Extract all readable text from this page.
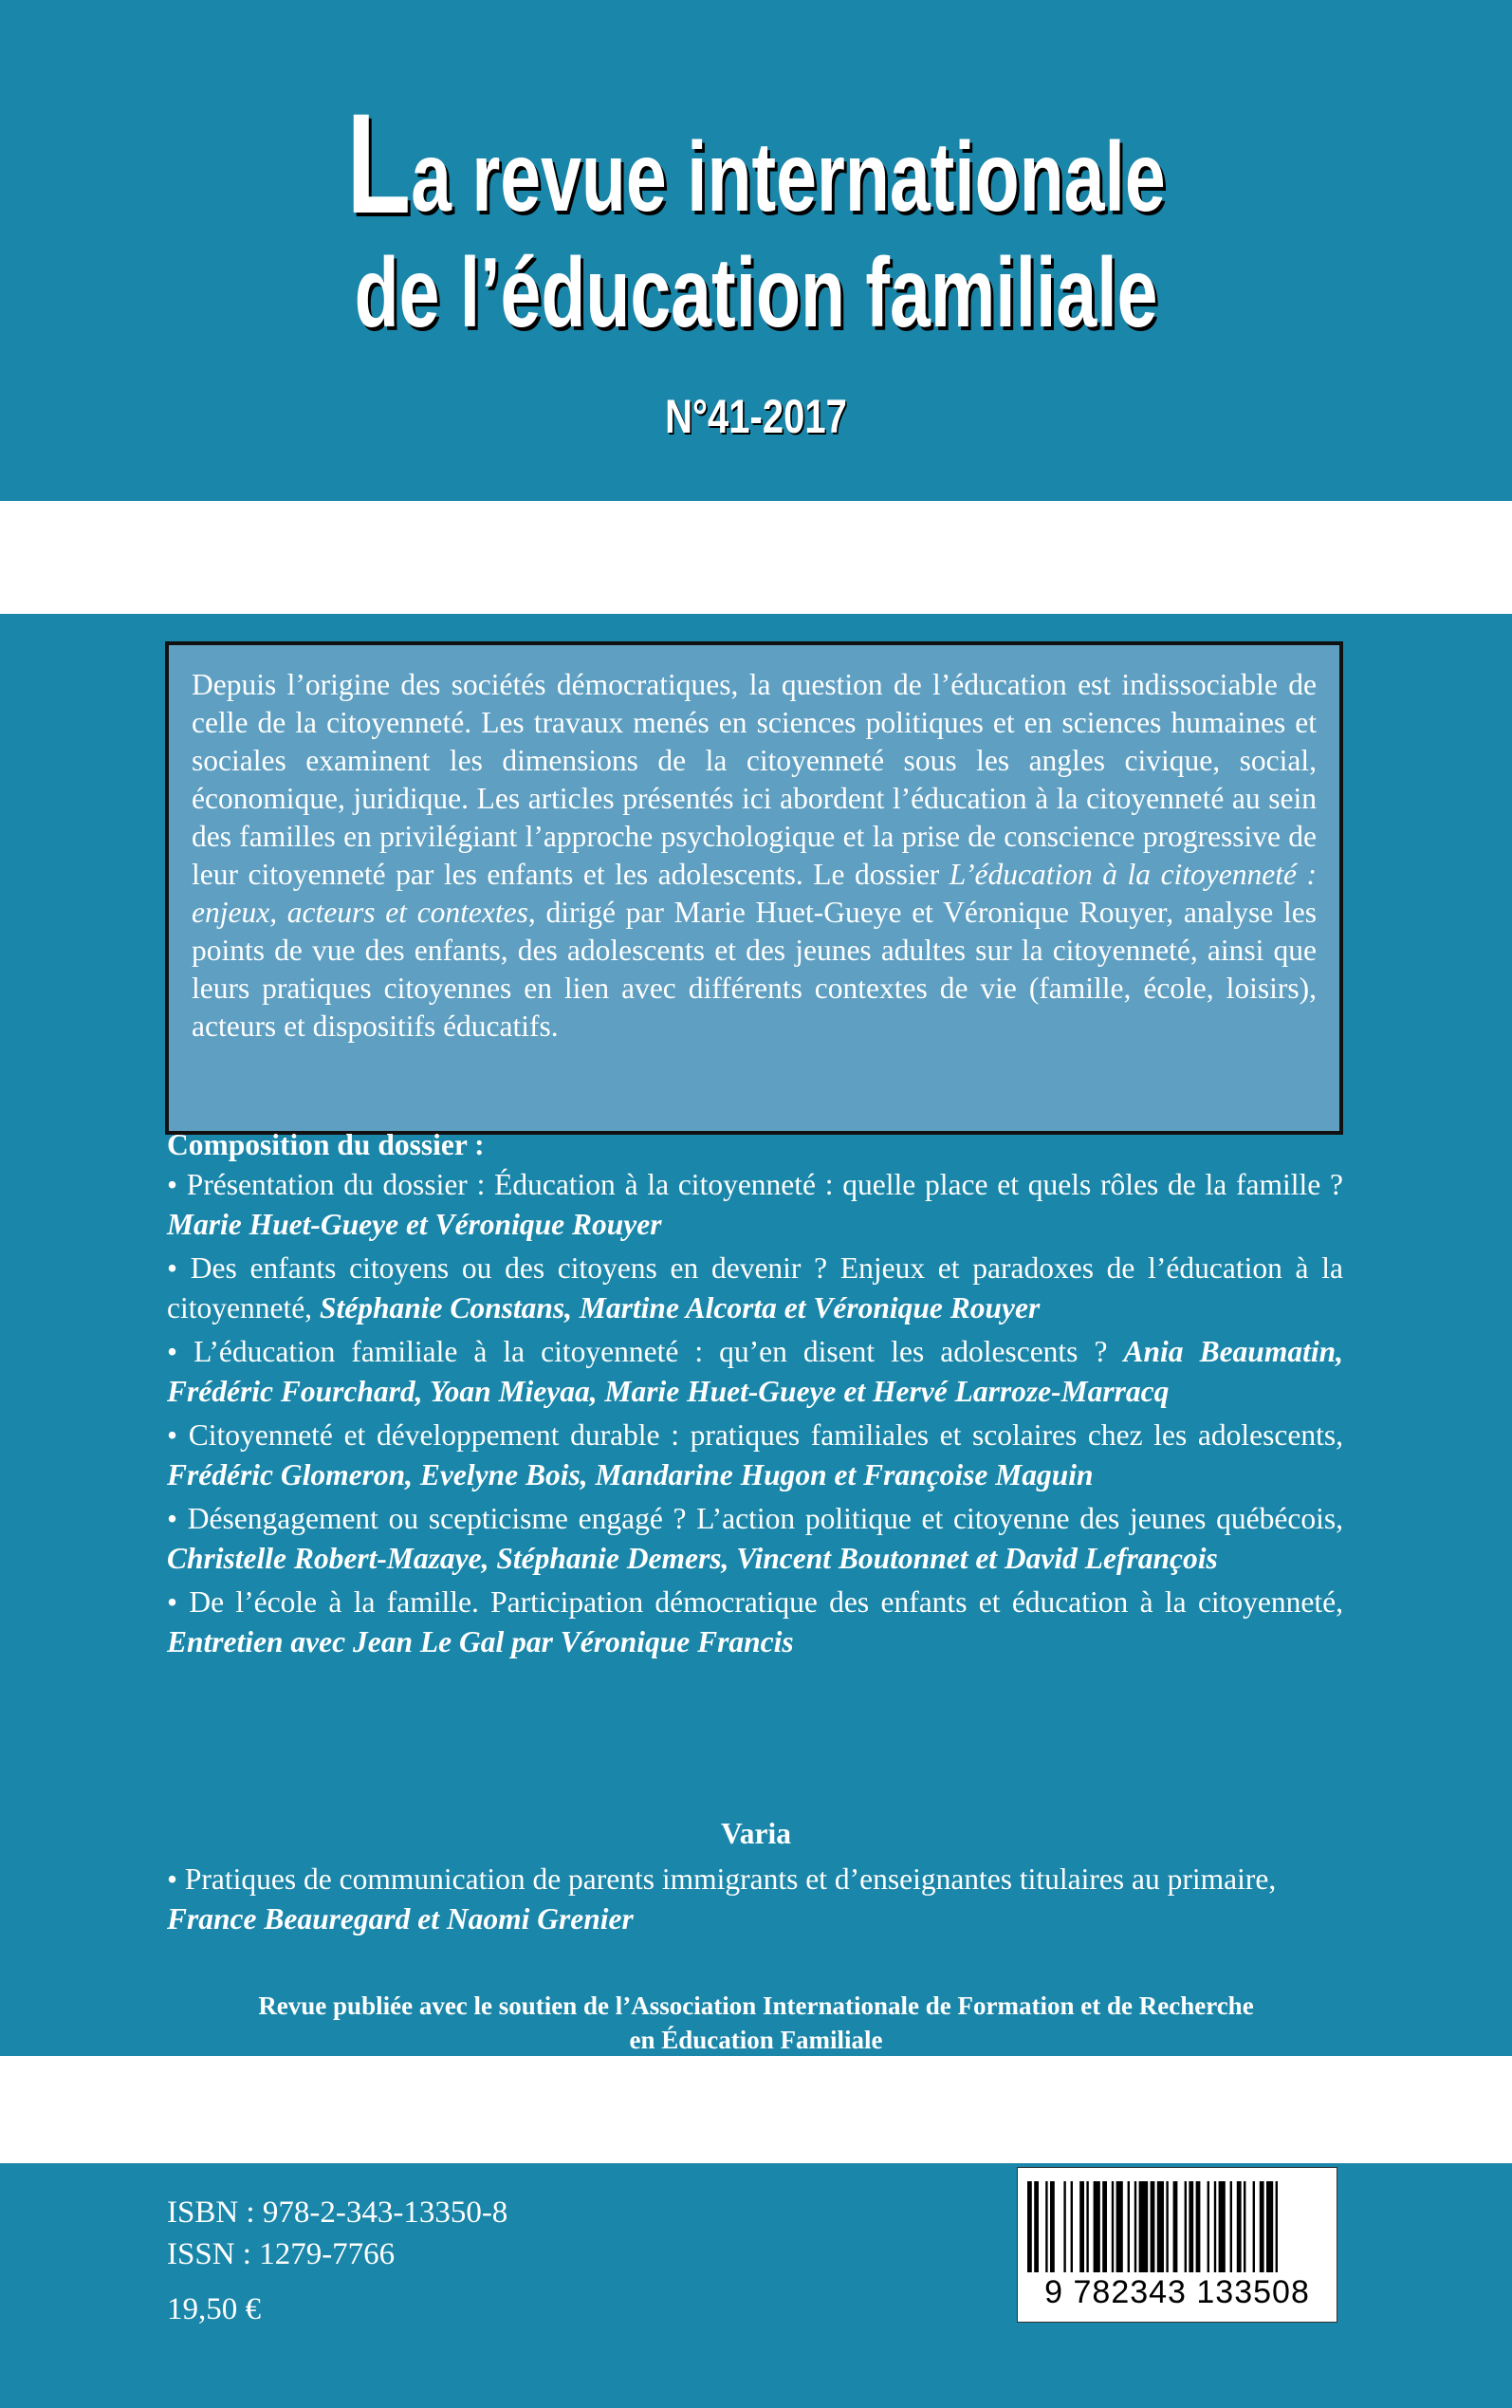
La revue internationale
de l’éducation familiale
N°41-2017

Depuis l’origine des sociétés démocratiques, la question de l’éducation est indissociable de celle de la citoyenneté. Les travaux menés en sciences politiques et en sciences humaines et sociales examinent les dimensions de la citoyenneté sous les angles civique, social, économique, juridique. Les articles présentés ici abordent l’éducation à la citoyenneté au sein des familles en privilégiant l’approche psychologique et la prise de conscience progressive de leur citoyenneté par les enfants et les adolescents. Le dossier L’éducation à la citoyenneté : enjeux, acteurs et contextes, dirigé par Marie Huet-Gueye et Véronique Rouyer, analyse les points de vue des enfants, des adolescents et des jeunes adultes sur la citoyenneté, ainsi que leurs pratiques citoyennes en lien avec différents contextes de vie (famille, école, loisirs), acteurs et dispositifs éducatifs.

Composition du dossier :

• Présentation du dossier : Éducation à la citoyenneté : quelle place et quels rôles de la famille ? Marie Huet-Gueye et Véronique Rouyer

• Des enfants citoyens ou des citoyens en devenir ? Enjeux et paradoxes de l’éducation à la citoyenneté, Stéphanie Constans, Martine Alcorta et Véronique Rouyer

• L’éducation familiale à la citoyenneté : qu’en disent les adolescents ? Ania Beaumatin, Frédéric Fourchard, Yoan Mieyaa, Marie Huet-Gueye et Hervé Larroze-Marracq

• Citoyenneté et développement durable : pratiques familiales et scolaires chez les adolescents, Frédéric Glomeron, Evelyne Bois, Mandarine Hugon et Françoise Maguin

• Désengagement ou scepticisme engagé ? L’action politique et citoyenne des jeunes québécois, Christelle Robert-Mazaye, Stéphanie Demers, Vincent Boutonnet et David Lefrançois

• De l’école à la famille. Participation démocratique des enfants et éducation à la citoyenneté, Entretien avec Jean Le Gal par Véronique Francis

Varia

• Pratiques de communication de parents immigrants et d’enseignantes titulaires au primaire, France Beauregard et Naomi Grenier

Revue publiée avec le soutien de l’Association Internationale de Formation et de Recherche
en Éducation Familiale
ISBN : 978-2-343-13350-8
ISSN : 1279-7766
19,50 €	9 782343 133508
